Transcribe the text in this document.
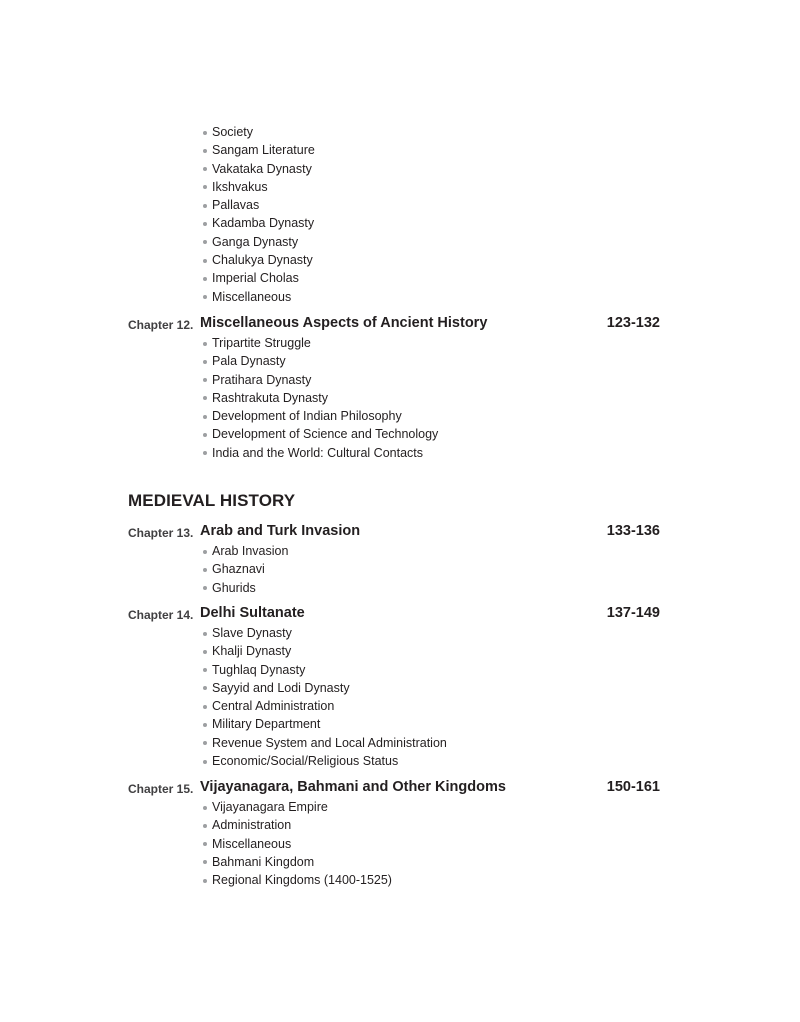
Society
Sangam Literature
Vakataka Dynasty
Ikshvakus
Pallavas
Kadamba Dynasty
Ganga Dynasty
Chalukya Dynasty
Imperial Cholas
Miscellaneous
Chapter 12. Miscellaneous Aspects of Ancient History	123-132
Tripartite Struggle
Pala Dynasty
Pratihara Dynasty
Rashtrakuta Dynasty
Development of Indian Philosophy
Development of Science and Technology
India and the World: Cultural Contacts
MEDIEVAL HISTORY
Chapter 13. Arab and Turk Invasion	133-136
Arab Invasion
Ghaznavi
Ghurids
Chapter 14. Delhi Sultanate	137-149
Slave Dynasty
Khalji Dynasty
Tughlaq Dynasty
Sayyid and Lodi Dynasty
Central Administration
Military Department
Revenue System and Local Administration
Economic/Social/Religious Status
Chapter 15. Vijayanagara, Bahmani and Other Kingdoms	150-161
Vijayanagara Empire
Administration
Miscellaneous
Bahmani Kingdom
Regional Kingdoms (1400-1525)
